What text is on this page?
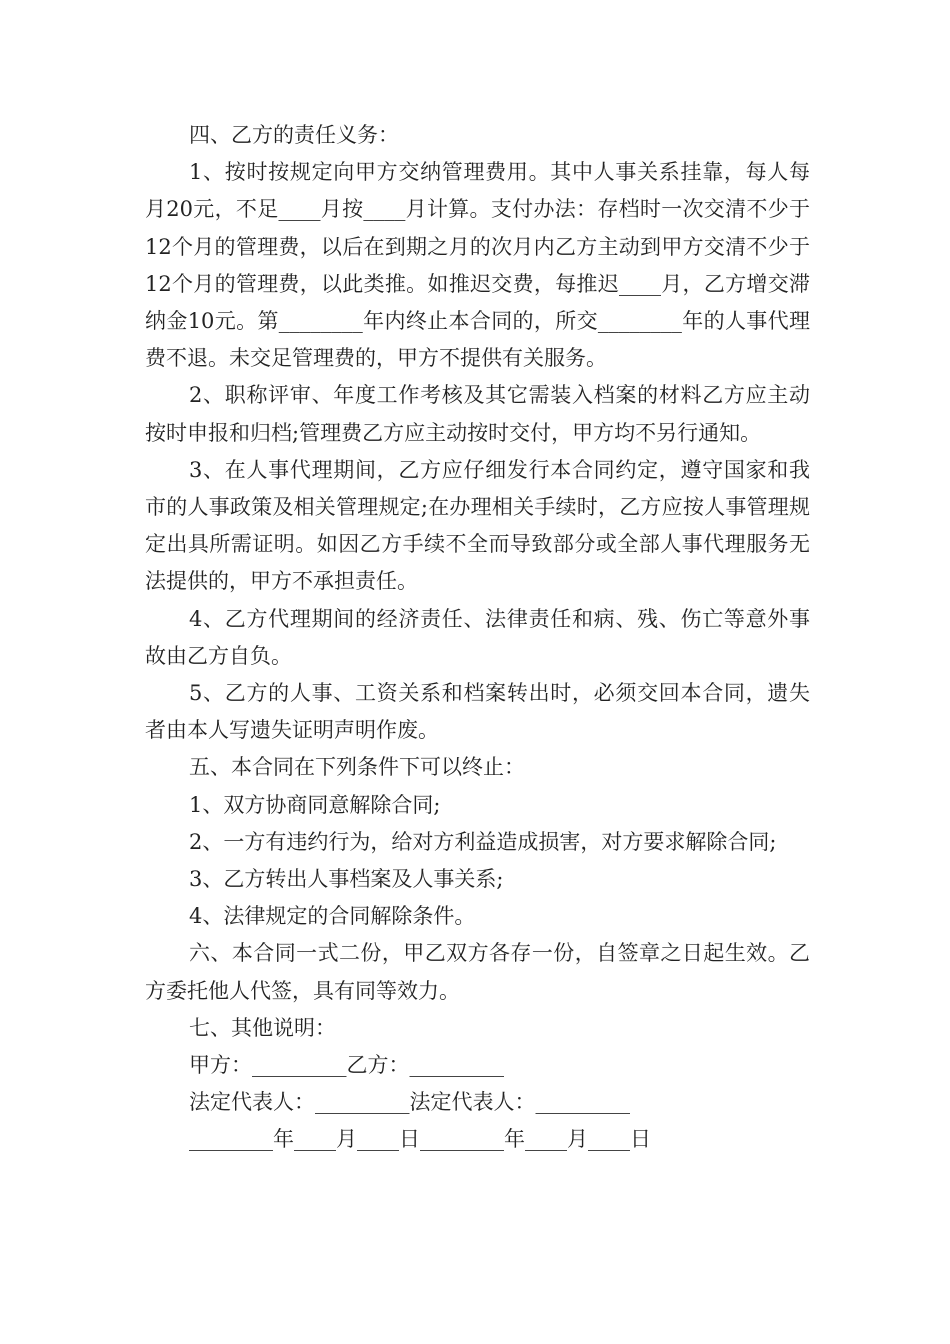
四、乙方的责任义务：

1、按时按规定向甲方交纳管理费用。其中人事关系挂靠，每人每月20元，不足____月按____月计算。支付办法：存档时一次交清不少于12个月的管理费，以后在到期之月的次月内乙方主动到甲方交清不少于12个月的管理费，以此类推。如推迟交费，每推迟____月，乙方增交滞纳金10元。第________年内终止本合同的，所交________年的人事代理费不退。未交足管理费的，甲方不提供有关服务。

2、职称评审、年度工作考核及其它需装入档案的材料乙方应主动按时申报和归档;管理费乙方应主动按时交付，甲方均不另行通知。

3、在人事代理期间，乙方应仔细发行本合同约定，遵守国家和我市的人事政策及相关管理规定;在办理相关手续时，乙方应按人事管理规定出具所需证明。如因乙方手续不全而导致部分或全部人事代理服务无法提供的，甲方不承担责任。

4、乙方代理期间的经济责任、法律责任和病、残、伤亡等意外事故由乙方自负。

5、乙方的人事、工资关系和档案转出时，必须交回本合同，遗失者由本人写遗失证明声明作废。

五、本合同在下列条件下可以终止：

1、双方协商同意解除合同;

2、一方有违约行为，给对方利益造成损害，对方要求解除合同;

3、乙方转出人事档案及人事关系;

4、法律规定的合同解除条件。

六、本合同一式二份，甲乙双方各存一份，自签章之日起生效。乙方委托他人代签，具有同等效力。

七、其他说明：

甲方：_________乙方：_________

法定代表人：_________法定代表人：_________

________年____月____日________年____月____日
